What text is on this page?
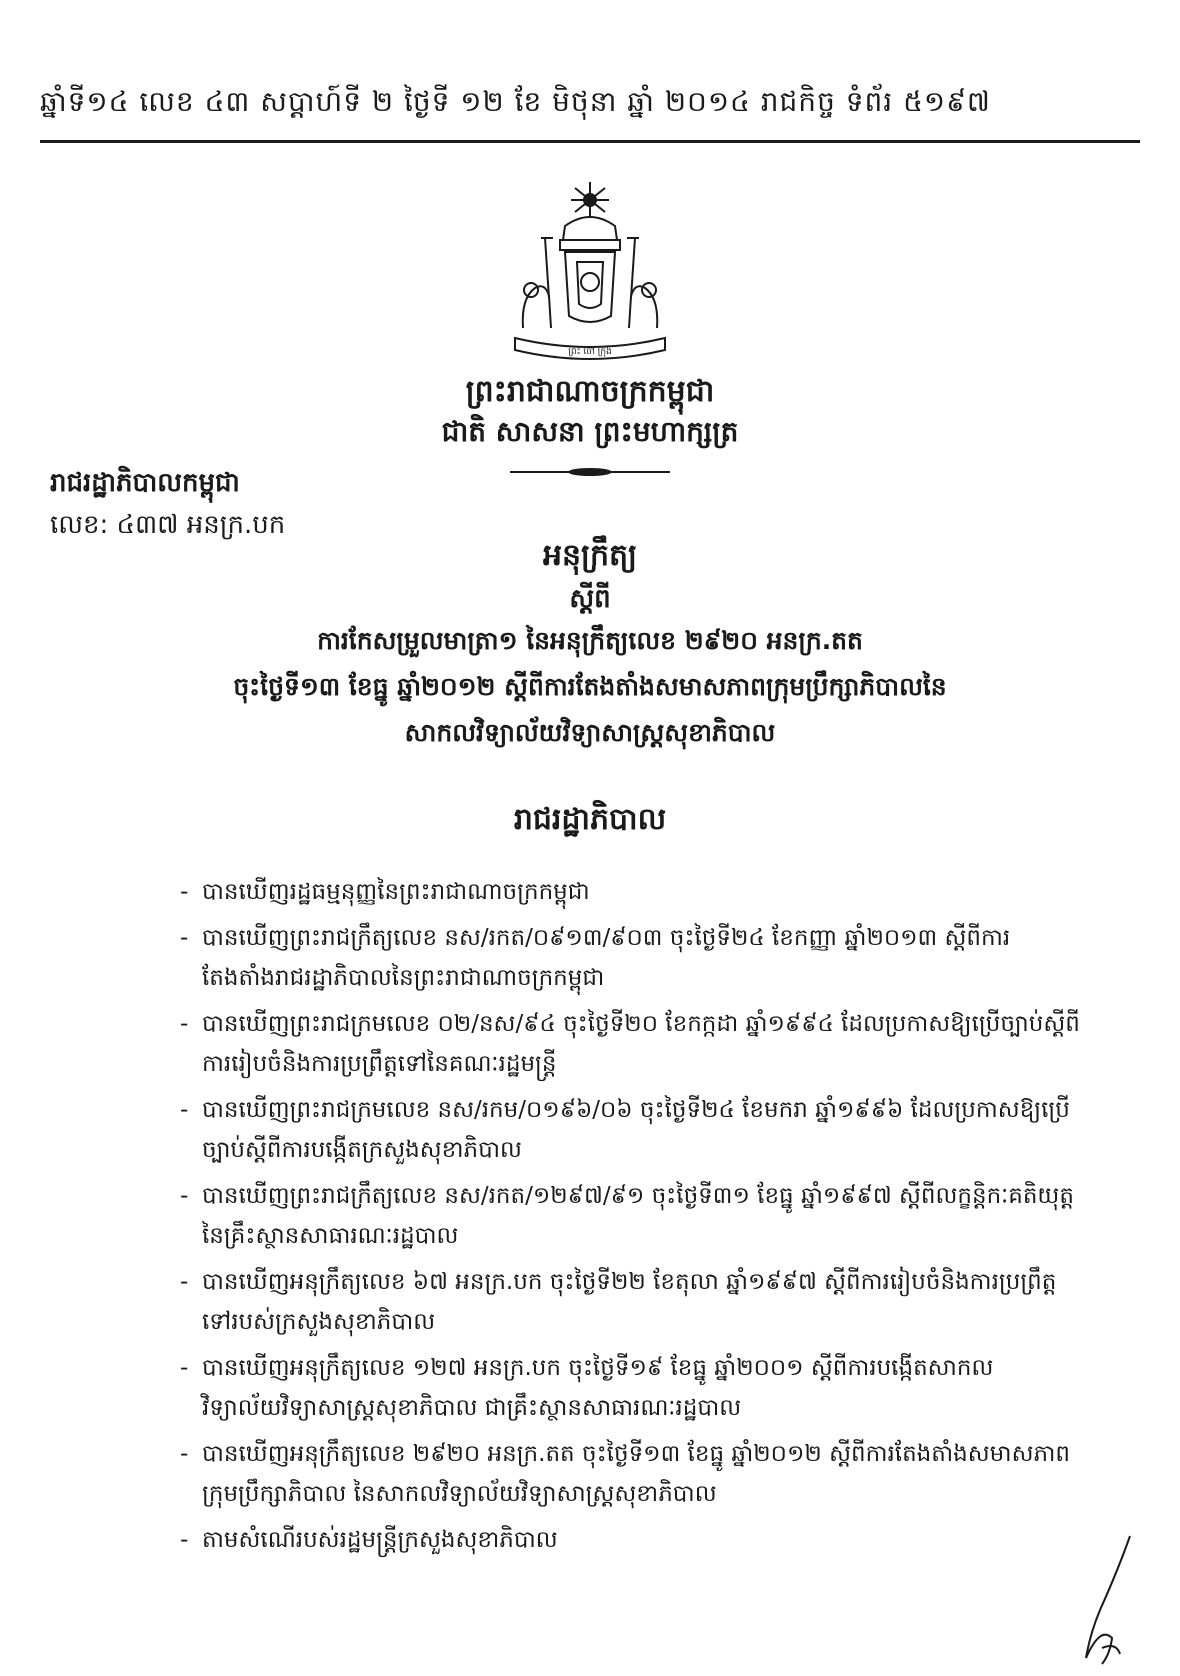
ឆ្នាំទី១៤ លេខ ៤៣ សប្តាហ៍ទី ២ ថ្ងៃទី ១២ ខែ មិថុនា ឆ្នាំ ២០១៤ រាជកិច្ច ទំព័រ ៥១៩៧
ព្រះ ចៅ ក្រុង
ព្រះរាជាណាចក្រកម្ពុជា
ជាតិ សាសនា ព្រះមហាក្សត្រ
រាជរដ្ឋាភិបាលកម្ពុជា
លេខ: ៤៣៧ អនក្រ.បក
អនុក្រឹត្យ
ស្តីពី
ការកែសម្រួលមាត្រា១ នៃអនុក្រឹត្យលេខ ២៩២០ អនក្រ.តត
ចុះថ្ងៃទី១៣ ខែធ្នូ ឆ្នាំ២០១២ ស្តីពីការតែងតាំងសមាសភាពក្រុមប្រឹក្សាភិបាលនៃ
សាកលវិទ្យាល័យវិទ្យាសាស្ត្រសុខាភិបាល
រាជរដ្ឋាភិបាល
- បានឃើញរដ្ឋធម្មនុញ្ញនៃព្រះរាជាណាចក្រកម្ពុជា
- បានឃើញព្រះរាជក្រឹត្យលេខ នស/រកត/០៩១៣/៩០៣ ចុះថ្ងៃទី២៤ ខែកញ្ញា ឆ្នាំ២០១៣ ស្តីពីការតែងតាំងរាជរដ្ឋាភិបាលនៃព្រះរាជាណាចក្រកម្ពុជា
- បានឃើញព្រះរាជក្រមលេខ ០២/នស/៩៤ ចុះថ្ងៃទី២០ ខែកក្កដា ឆ្នាំ១៩៩៤ ដែលប្រកាសឱ្យប្រើច្បាប់ស្តីពីការរៀបចំនិងការប្រព្រឹត្តទៅនៃគណៈរដ្ឋមន្ត្រី
- បានឃើញព្រះរាជក្រមលេខ នស/រកម/០១៩៦/០៦ ចុះថ្ងៃទី២៤ ខែមករា ឆ្នាំ១៩៩៦ ដែលប្រកាសឱ្យប្រើច្បាប់ស្តីពីការបង្កើតក្រសួងសុខាភិបាល
- បានឃើញព្រះរាជក្រឹត្យលេខ នស/រកត/១២៩៧/៩១ ចុះថ្ងៃទី៣១ ខែធ្នូ ឆ្នាំ១៩៩៧ ស្តីពីលក្ខន្តិកៈគតិយុត្តនៃគ្រឹះស្ថានសាធារណៈរដ្ឋបាល
- បានឃើញអនុក្រឹត្យលេខ ៦៧ អនក្រ.បក ចុះថ្ងៃទី២២ ខែតុលា ឆ្នាំ១៩៩៧ ស្តីពីការរៀបចំនិងការប្រព្រឹត្តទៅរបស់ក្រសួងសុខាភិបាល
- បានឃើញអនុក្រឹត្យលេខ ១២៧ អនក្រ.បក ចុះថ្ងៃទី១៩ ខែធ្នូ ឆ្នាំ២០០១ ស្តីពីការបង្កើតសាកលវិទ្យាល័យវិទ្យាសាស្ត្រសុខាភិបាល ជាគ្រឹះស្ថានសាធារណៈរដ្ឋបាល
- បានឃើញអនុក្រឹត្យលេខ ២៩២០ អនក្រ.តត ចុះថ្ងៃទី១៣ ខែធ្នូ ឆ្នាំ២០១២ ស្តីពីការតែងតាំងសមាសភាពក្រុមប្រឹក្សាភិបាល នៃសាកលវិទ្យាល័យវិទ្យាសាស្ត្រសុខាភិបាល
- តាមសំណើរបស់រដ្ឋមន្ត្រីក្រសួងសុខាភិបាល
